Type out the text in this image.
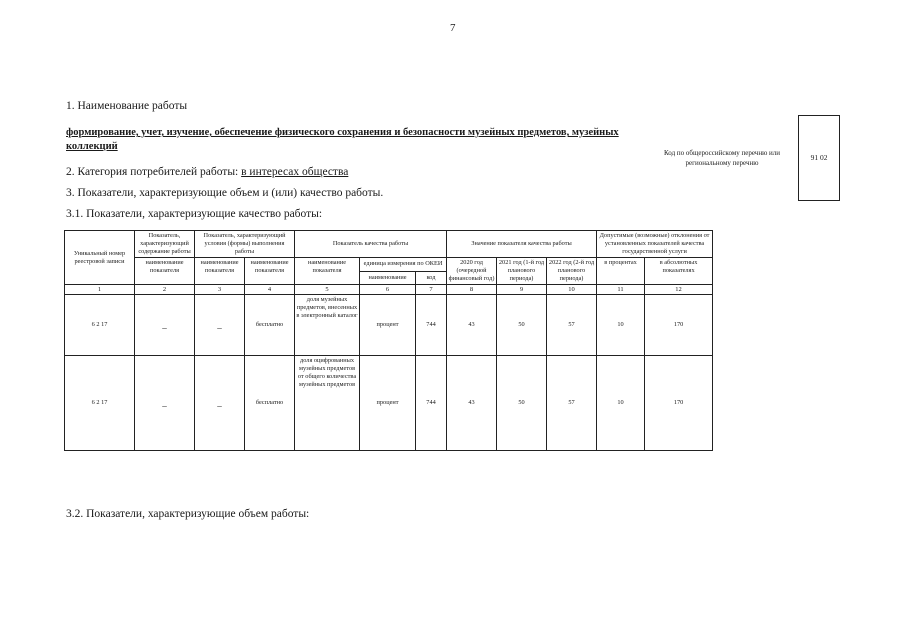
7
1. Наименование работы
формирование, учет, изучение, обеспечение физического сохранения и безопасности музейных предметов, музейных коллекций
Код по общероссийскому перечню или региональному перечню
91 02
2. Категория потребителей работы: в интересах общества
3. Показатели, характеризующие объем и (или) качество работы.
3.1. Показатели, характеризующие качество работы:
Уникальный номер реестровой записи	Показатель, характеризующий содержание работы	Показатель, характеризующий условия (формы) выполнения работы		Показатель качества работы			Значение показателя качества работы			Допустимые (возможные) отклонения от установленных показателей качества государственной услуги	
	наименование показателя	наименование показателя	наименование показателя	наименование показателя	единица измерения по ОКЕИ		2020 год (очередной финансовый год)	2021 год (1-й год планового периода)	2022 год (2-й год планового периода)	в процентах	в абсолютных показателях
					наименование	код					
1	2	3	4	5	6	7	8	9	10	11	12
6 2 17	_	_	бесплатно	доля музейных предметов, внесенных в электронный каталог	процент	744	43	50	57	10	170
6 2 17	_	_	бесплатно	доля оцифрованных музейных предметов от общего количества музейных предметов	процент	744	43	50	57	10	170
3.2. Показатели, характеризующие объем работы:
